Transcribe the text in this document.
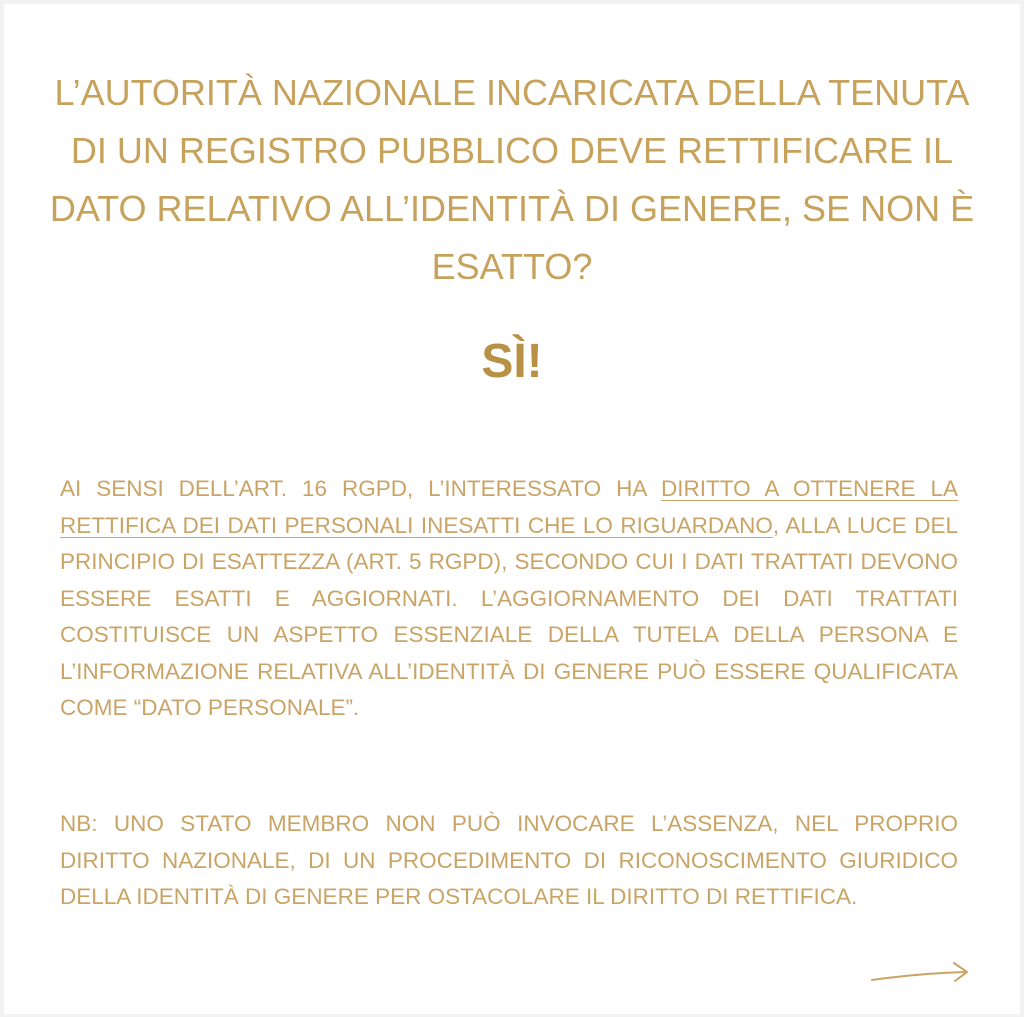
L’AUTORITÀ NAZIONALE INCARICATA DELLA TENUTA DI UN REGISTRO PUBBLICO DEVE RETTIFICARE IL DATO RELATIVO ALL’IDENTITÀ DI GENERE, SE NON È ESATTO?
SÌ!

AI SENSI DELL’ART. 16 RGPD, L’INTERESSATO HA DIRITTO A OTTENERE LA RETTIFICA DEI DATI PERSONALI INESATTI CHE LO RIGUARDANO, ALLA LUCE DEL PRINCIPIO DI ESATTEZZA (ART. 5 RGPD), SECONDO CUI I DATI TRATTATI DEVONO ESSERE ESATTI E AGGIORNATI. L’AGGIORNAMENTO DEI DATI TRATTATI COSTITUISCE UN ASPETTO ESSENZIALE DELLA TUTELA DELLA PERSONA E L’INFORMAZIONE RELATIVA ALL’IDENTITÀ DI GENERE PUÒ ESSERE QUALIFICATA COME “DATO PERSONALE”.

NB: UNO STATO MEMBRO NON PUÒ INVOCARE L’ASSENZA, NEL PROPRIO DIRITTO NAZIONALE, DI UN PROCEDIMENTO DI RICONOSCIMENTO GIURIDICO DELLA IDENTITÀ DI GENERE PER OSTACOLARE IL DIRITTO DI RETTIFICA.
